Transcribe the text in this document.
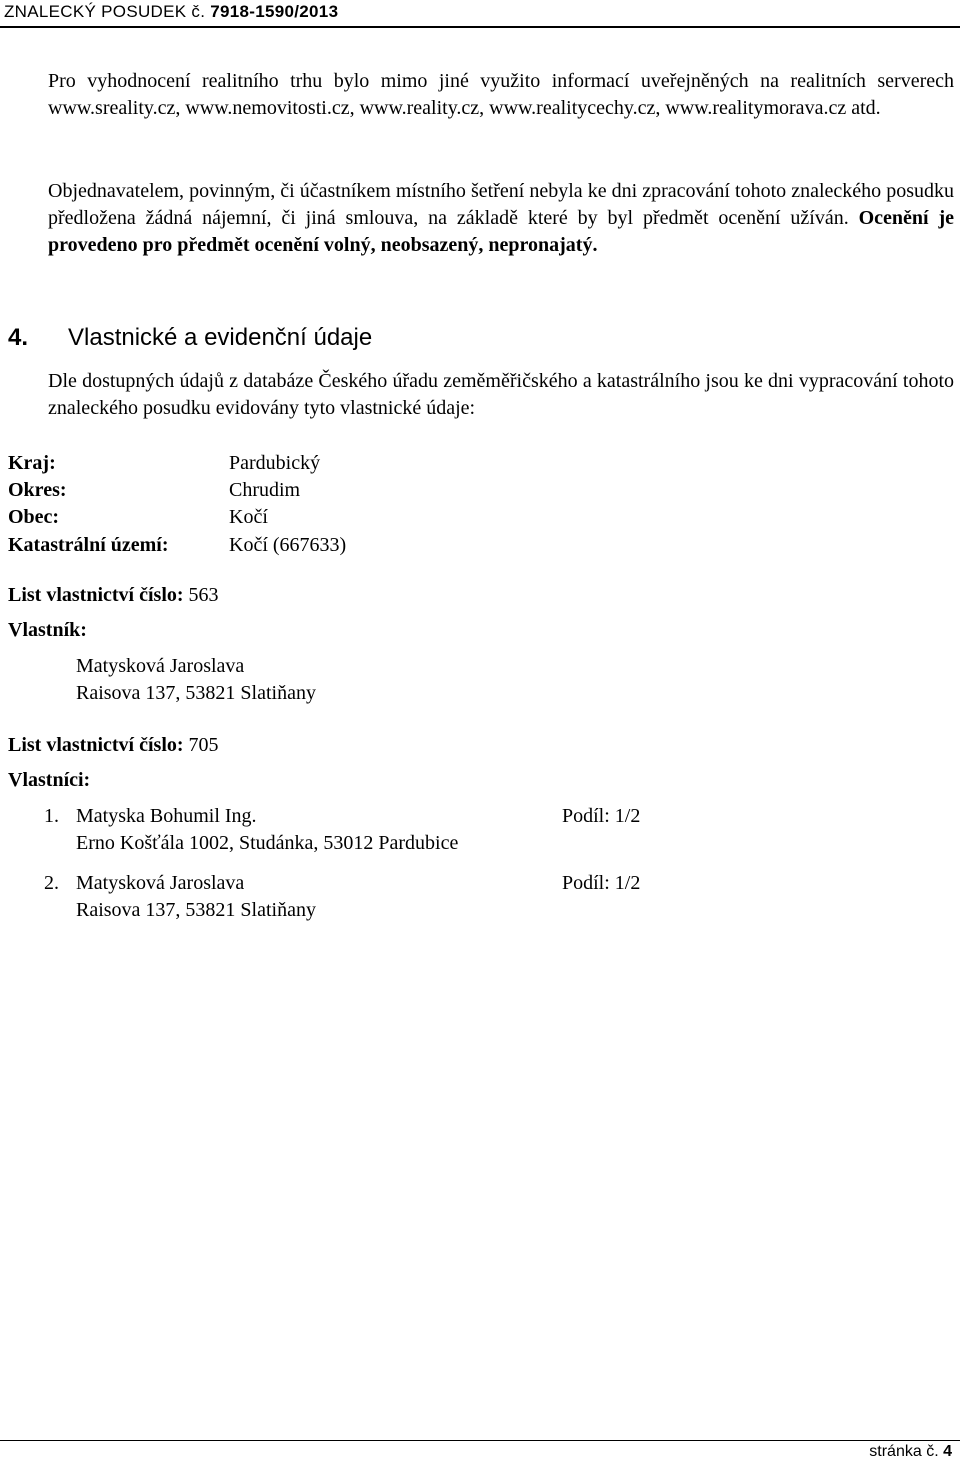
ZNALECKÝ POSUDEK č. 7918-1590/2013

Pro vyhodnocení realitního trhu bylo mimo jiné využito informací uveřejněných na realitních serverech www.sreality.cz, www.nemovitosti.cz, www.reality.cz, www.realitycechy.cz, www.realitymorava.cz atd.

Objednavatelem, povinným, či účastníkem místního šetření nebyla ke dni zpracování tohoto znaleckého posudku předložena žádná nájemní, či jiná smlouva, na základě které by byl předmět ocenění užíván. Ocenění je provedeno pro předmět ocenění volný, neobsazený, nepronajatý.

4. Vlastnické a evidenční údaje

Dle dostupných údajů z databáze Českého úřadu zeměměřičského a katastrálního jsou ke dni vypracování tohoto znaleckého posudku evidovány tyto vlastnické údaje:

Kraj:	Pardubický
Okres:	Chrudim
Obec:	Kočí
Katastrální území:	Kočí (667633)
List vlastnictví číslo: 563
Vlastník:
Matysková Jaroslava
Raisova 137, 53821 Slatiňany
List vlastnictví číslo: 705
Vlastníci:
1. Matyska Bohumil Ing.	Podíl: 1/2
Erno Košťála 1002, Studánka, 53012 Pardubice
2. Matysková Jaroslava	Podíl: 1/2
Raisova 137, 53821 Slatiňany
stránka č. 4
